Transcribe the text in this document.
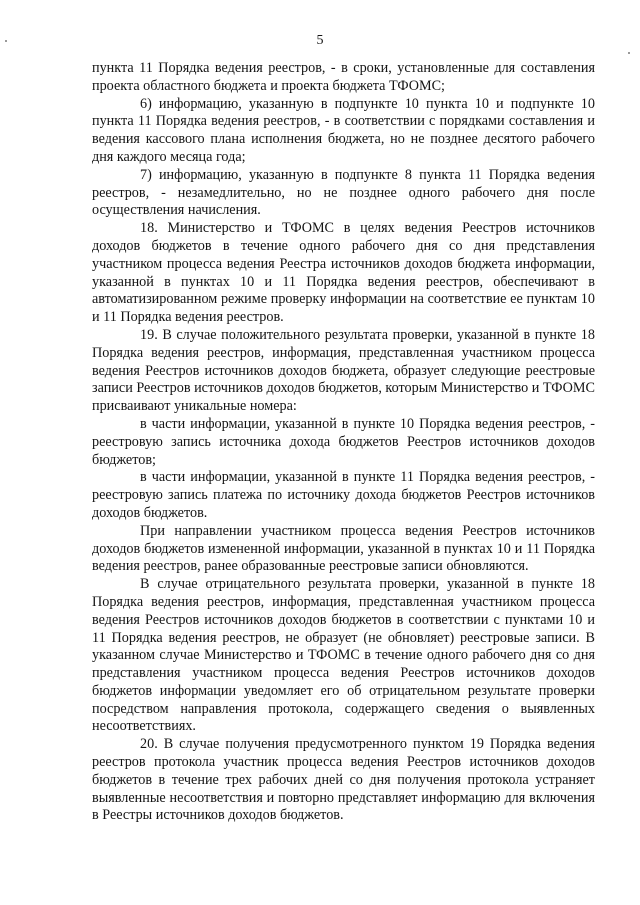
5

пункта 11 Порядка ведения реестров, - в сроки, установленные для составления проекта областного бюджета и проекта бюджета ТФОМС;

6) информацию, указанную в подпункте 10 пункта 10 и подпункте 10 пункта 11 Порядка ведения реестров, - в соответствии с порядками составления и ведения кассового плана исполнения бюджета, но не позднее десятого рабочего дня каждого месяца года;

7) информацию, указанную в подпункте 8 пункта 11 Порядка ведения реестров, - незамедлительно, но не позднее одного рабочего дня после осуществления начисления.

18. Министерство и ТФОМС в целях ведения Реестров источников доходов бюджетов в течение одного рабочего дня со дня представления участником процесса ведения Реестра источников доходов бюджета информации, указанной в пунктах 10 и 11 Порядка ведения реестров, обеспечивают в автоматизированном режиме проверку информации на соответствие ее пунктам 10 и 11 Порядка ведения реестров.

19. В случае положительного результата проверки, указанной в пункте 18 Порядка ведения реестров, информация, представленная участником процесса ведения Реестров источников доходов бюджета, образует следующие реестровые записи Реестров источников доходов бюджетов, которым Министерство и ТФОМС присваивают уникальные номера:

в части информации, указанной в пункте 10 Порядка ведения реестров, - реестровую запись источника дохода бюджетов Реестров источников доходов бюджетов;

в части информации, указанной в пункте 11 Порядка ведения реестров, - реестровую запись платежа по источнику дохода бюджетов Реестров источников доходов бюджетов.

При направлении участником процесса ведения Реестров источников доходов бюджетов измененной информации, указанной в пунктах 10 и 11 Порядка ведения реестров, ранее образованные реестровые записи обновляются.

В случае отрицательного результата проверки, указанной в пункте 18 Порядка ведения реестров, информация, представленная участником процесса ведения Реестров источников доходов бюджетов в соответствии с пунктами 10 и 11 Порядка ведения реестров, не образует (не обновляет) реестровые записи. В указанном случае Министерство и ТФОМС в течение одного рабочего дня со дня представления участником процесса ведения Реестров источников доходов бюджетов информации уведомляет его об отрицательном результате проверки посредством направления протокола, содержащего сведения о выявленных несоответствиях.

20. В случае получения предусмотренного пунктом 19 Порядка ведения реестров протокола участник процесса ведения Реестров источников доходов бюджетов в течение трех рабочих дней со дня получения протокола устраняет выявленные несоответствия и повторно представляет информацию для включения в Реестры источников доходов бюджетов.
